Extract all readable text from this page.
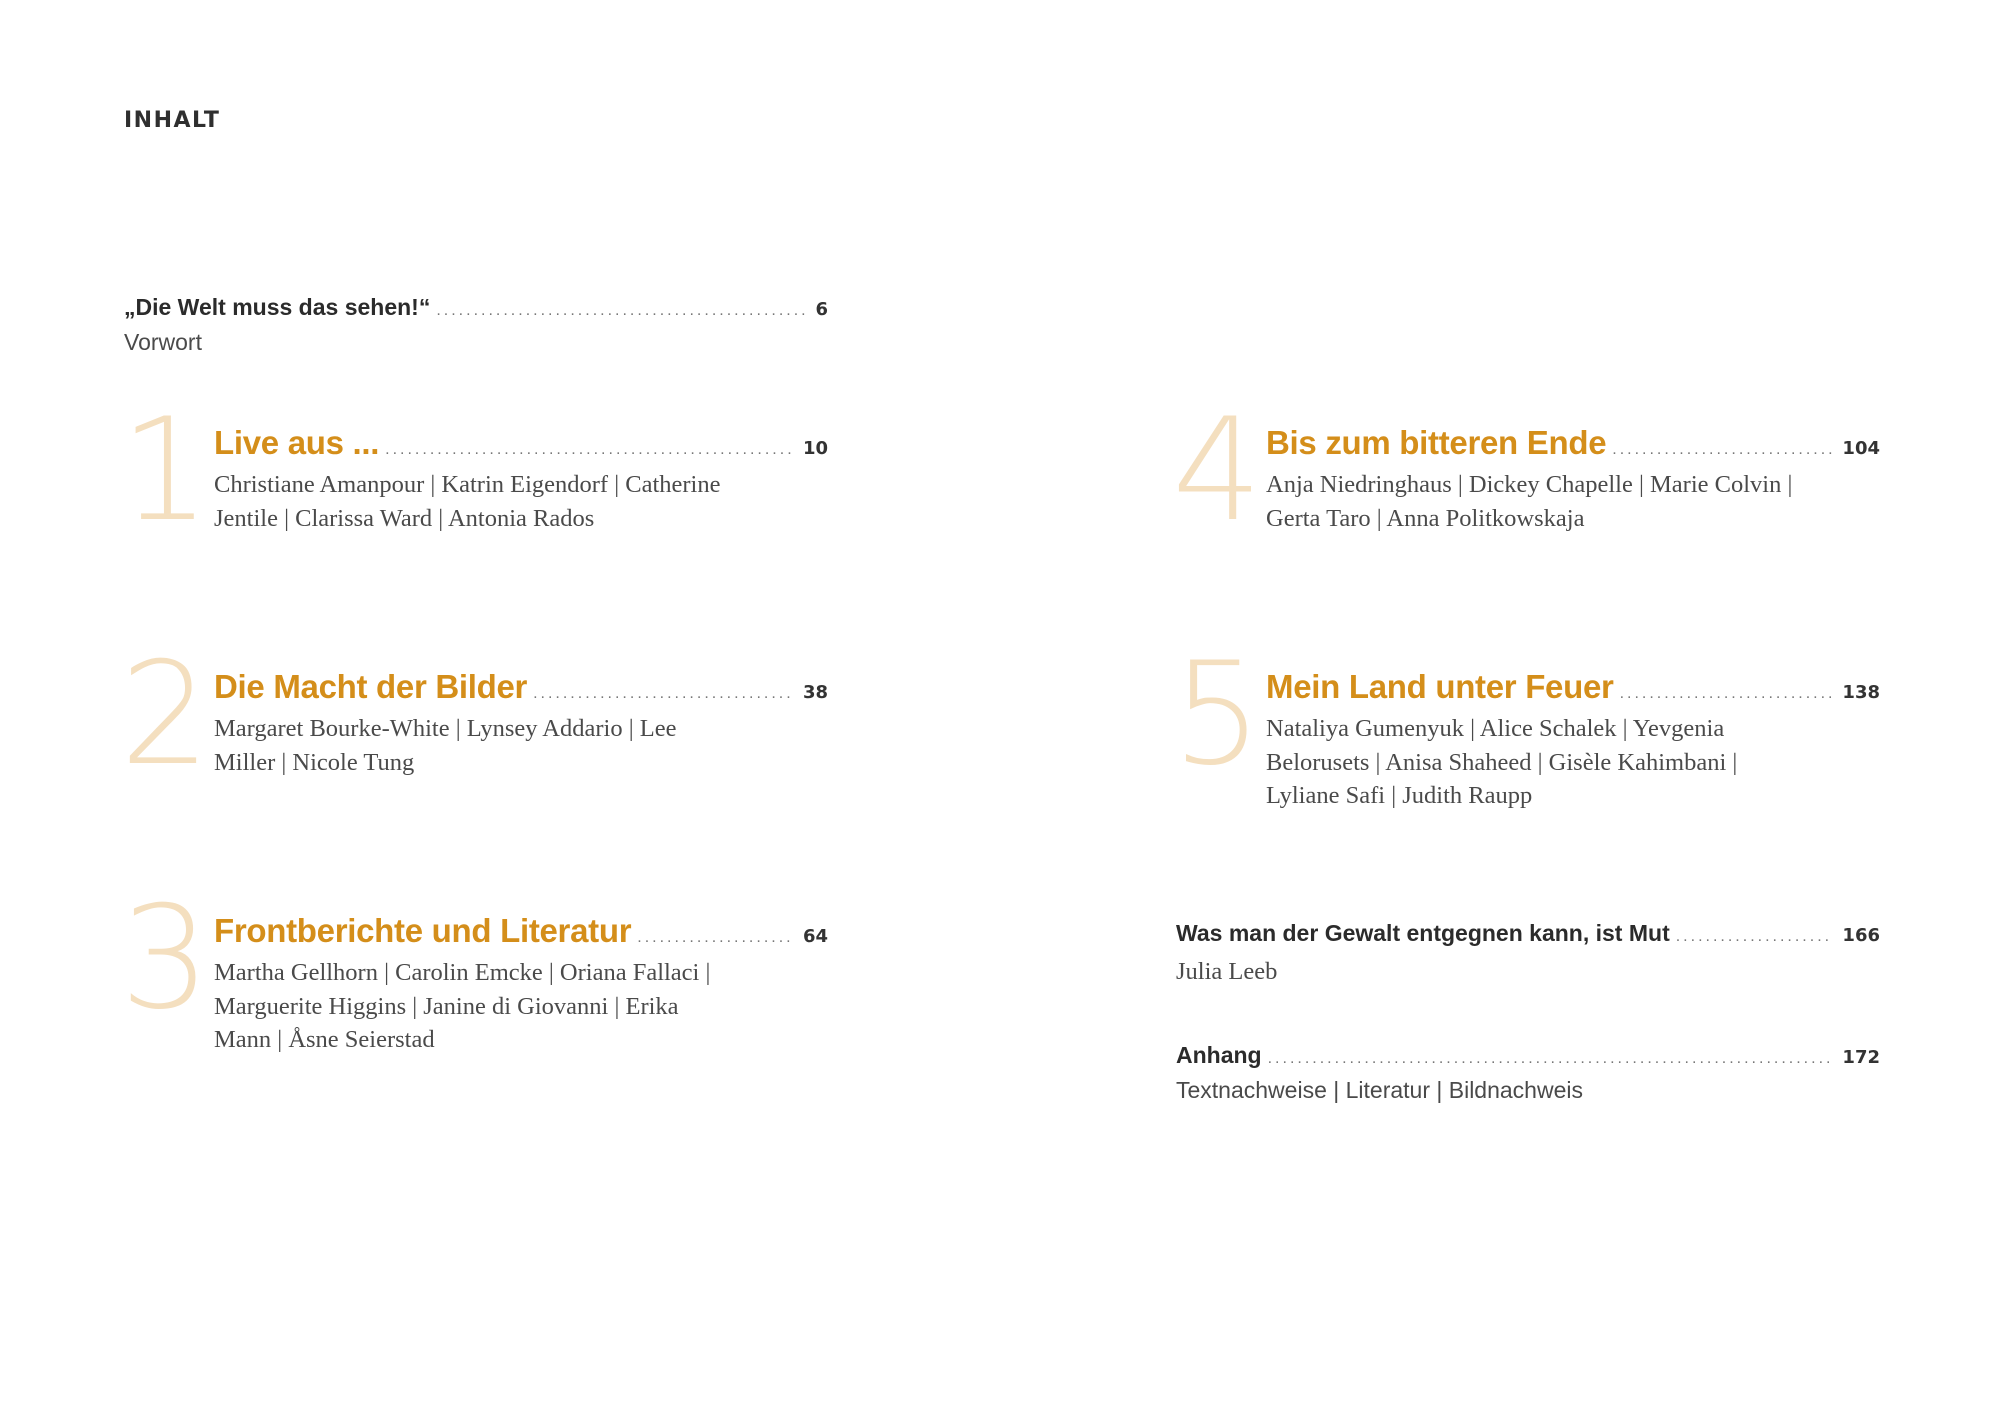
INHALT
„Die Welt muss das sehen!“ .....	6
Vorwort
1 Live aus ... .....	10
Christiane Amanpour | Katrin Eigendorf | Catherine
Jentile | Clarissa Ward | Antonia Rados
2 Die Macht der Bilder .....	38
Margaret Bourke-White | Lynsey Addario | Lee
Miller | Nicole Tung
3 Frontberichte und Literatur .....	64
Martha Gellhorn | Carolin Emcke | Oriana Fallaci |
Marguerite Higgins | Janine di Giovanni | Erika
Mann | Åsne Seierstad
4 Bis zum bitteren Ende .....	104
Anja Niedringhaus | Dickey Chapelle | Marie Colvin |
Gerta Taro | Anna Politkowskaja
5 Mein Land unter Feuer .....	138
Nataliya Gumenyuk | Alice Schalek | Yevgenia
Belorusets | Anisa Shaheed | Gisèle Kahimbani |
Lyliane Safi | Judith Raupp
Was man der Gewalt entgegnen kann, ist Mut .....	166
Julia Leeb
Anhang .....	172
Textnachweise | Literatur | Bildnachweis
